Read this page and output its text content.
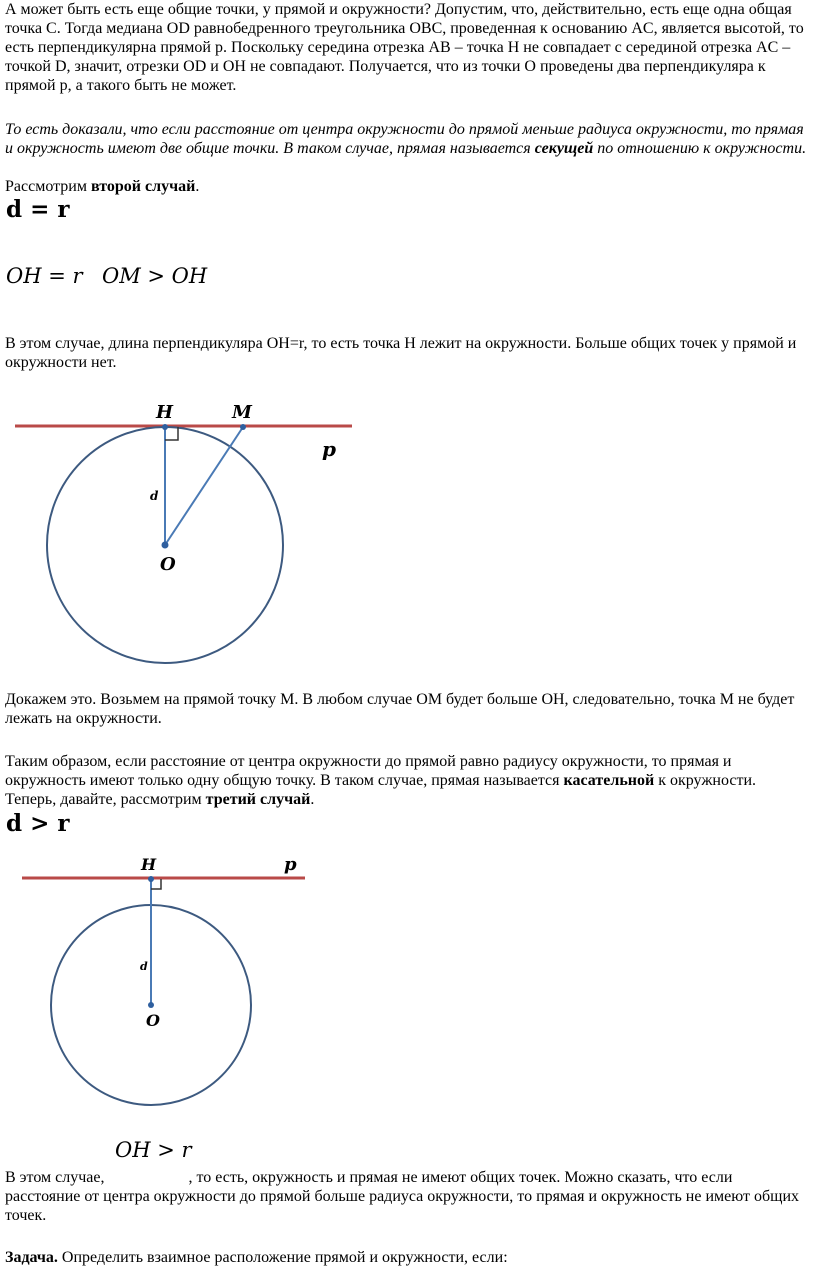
А может быть есть еще общие точки, у прямой и окружности? Допустим, что, действительно, есть еще одна общая точка С. Тогда медиана OD равнобедренного треугольника OBC, проведенная к основанию AC, является высотой, то есть перпендикулярна прямой p. Поскольку середина отрезка AB – точка H не совпадает с серединой отрезка AC – точкой D, значит, отрезки OD и OH не совпадают. Получается, что из точки O проведены два перпендикуляра к прямой p, а такого быть не может.

То есть доказали, что если расстояние от центра окружности до прямой меньше радиуса окружности, то прямая и окружность имеют две общие точки. В таком случае, прямая называется секущей по отношению к окружности.

Рассмотрим второй случай.

d = r
OH = r OM > OH

В этом случае, длина перпендикуляра OH=r, то есть точка H лежит на окружности. Больше общих точек у прямой и окружности нет.

H	M
p
d
O

Докажем это. Возьмем на прямой точку M. В любом случае OM будет больше OH, следовательно, точка M не будет лежать на окружности.

Таким образом, если расстояние от центра окружности до прямой равно радиусу окружности, то прямая и окружность имеют только одну общую точку. В таком случае, прямая называется касательной к окружности. Теперь, давайте, рассмотрим третий случай.

d > r
H	p
d
O
OH > r

В этом случае,	, то есть, окружность и прямая не имеют общих точек. Можно сказать, что если расстояние от центра окружности до прямой больше радиуса окружности, то прямая и окружность не имеют общих точек.

Задача. Определить взаимное расположение прямой и окружности, если:
